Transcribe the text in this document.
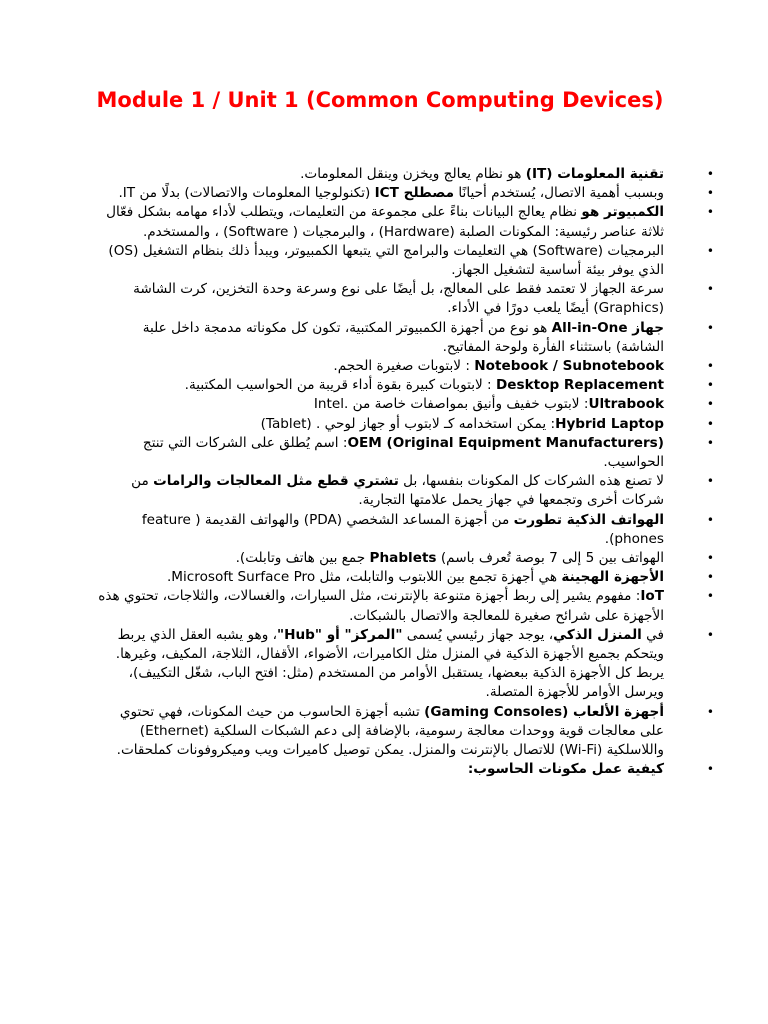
Module 1 / Unit 1 (Common Computing Devices)
•
تقنية المعلومات (IT) هو نظام يعالج ويخزن وينقل المعلومات.
•
وبسبب أهمية الاتصال، يُستخدم أحيانًا مصطلح ICT (تكنولوجيا المعلومات والاتصالات) بدلًا من IT.
•
الكمبيوتر هو نظام يعالج البيانات بناءً على مجموعة من التعليمات، ويتطلب لأداء مهامه بشكل فعّال ثلاثة عناصر رئيسية: المكونات الصلبة (Hardware) ، والبرمجيات ( Software) ، والمستخدم.
•
البرمجيات (Software) هي التعليمات والبرامج التي يتبعها الكمبيوتر، ويبدأ ذلك بنظام التشغيل (OS) الذي يوفر بيئة أساسية لتشغيل الجهاز.
•
سرعة الجهاز لا تعتمد فقط على المعالج، بل أيضًا على نوع وسرعة وحدة التخزين، كرت الشاشة (Graphics) أيضًا يلعب دورًا في الأداء.
•
جهاز All-in-One هو نوع من أجهزة الكمبيوتر المكتبية، تكون كل مكوناته مدمجة داخل علبة الشاشة) باستثناء الفأرة ولوحة المفاتيح.
•
Notebook / Subnotebook : لابتوبات صغيرة الحجم.
•
Desktop Replacement : لابتوبات كبيرة بقوة أداء قريبة من الحواسيب المكتبية.
•
Ultrabook: لابتوب خفيف وأنيق بمواصفات خاصة من .Intel
•
Hybrid Laptop: يمكن استخدامه كـ لابتوب أو جهاز لوحي . (Tablet)
•
OEM (Original Equipment Manufacturers): اسم يُطلق على الشركات التي تنتج الحواسيب.
•
لا تصنع هذه الشركات كل المكونات بنفسها، بل تشتري قطع مثل المعالجات والرامات من شركات أخرى وتجمعها في جهاز يحمل علامتها التجارية.
•
الهواتف الذكية تطورت من أجهزة المساعد الشخصي (PDA) والهواتف القديمة ( feature phones).
•
الهواتف بين 5 إلى 7 بوصة تُعرف باسم) Phablets جمع بين هاتف وتابلت).
•
الأجهزة الهجينة هي أجهزة تجمع بين اللابتوب والتابلت، مثل Microsoft Surface Pro.
•
IoT: مفهوم يشير إلى ربط أجهزة متنوعة بالإنترنت، مثل السيارات، والغسالات، والثلاجات، تحتوي هذه الأجهزة على شرائح صغيرة للمعالجة والاتصال بالشبكات.
•
في المنزل الذكي، يوجد جهاز رئيسي يُسمى "المركز" أو "Hub"، وهو يشبه العقل الذي يربط ويتحكم بجميع الأجهزة الذكية في المنزل مثل الكاميرات، الأضواء، الأقفال، الثلاجة، المكيف، وغيرها. يربط كل الأجهزة الذكية ببعضها، يستقبل الأوامر من المستخدم (مثل: افتح الباب، شغّل التكييف)، ويرسل الأوامر للأجهزة المتصلة.
•
أجهزة الألعاب (Gaming Consoles) تشبه أجهزة الحاسوب من حيث المكونات، فهي تحتوي على معالجات قوية ووحدات معالجة رسومية، بالإضافة إلى دعم الشبكات السلكية (Ethernet) واللاسلكية (Wi-Fi) للاتصال بالإنترنت والمنزل. يمكن توصيل كاميرات ويب وميكروفونات كملحقات.
•
كيفية عمل مكونات الحاسوب:
